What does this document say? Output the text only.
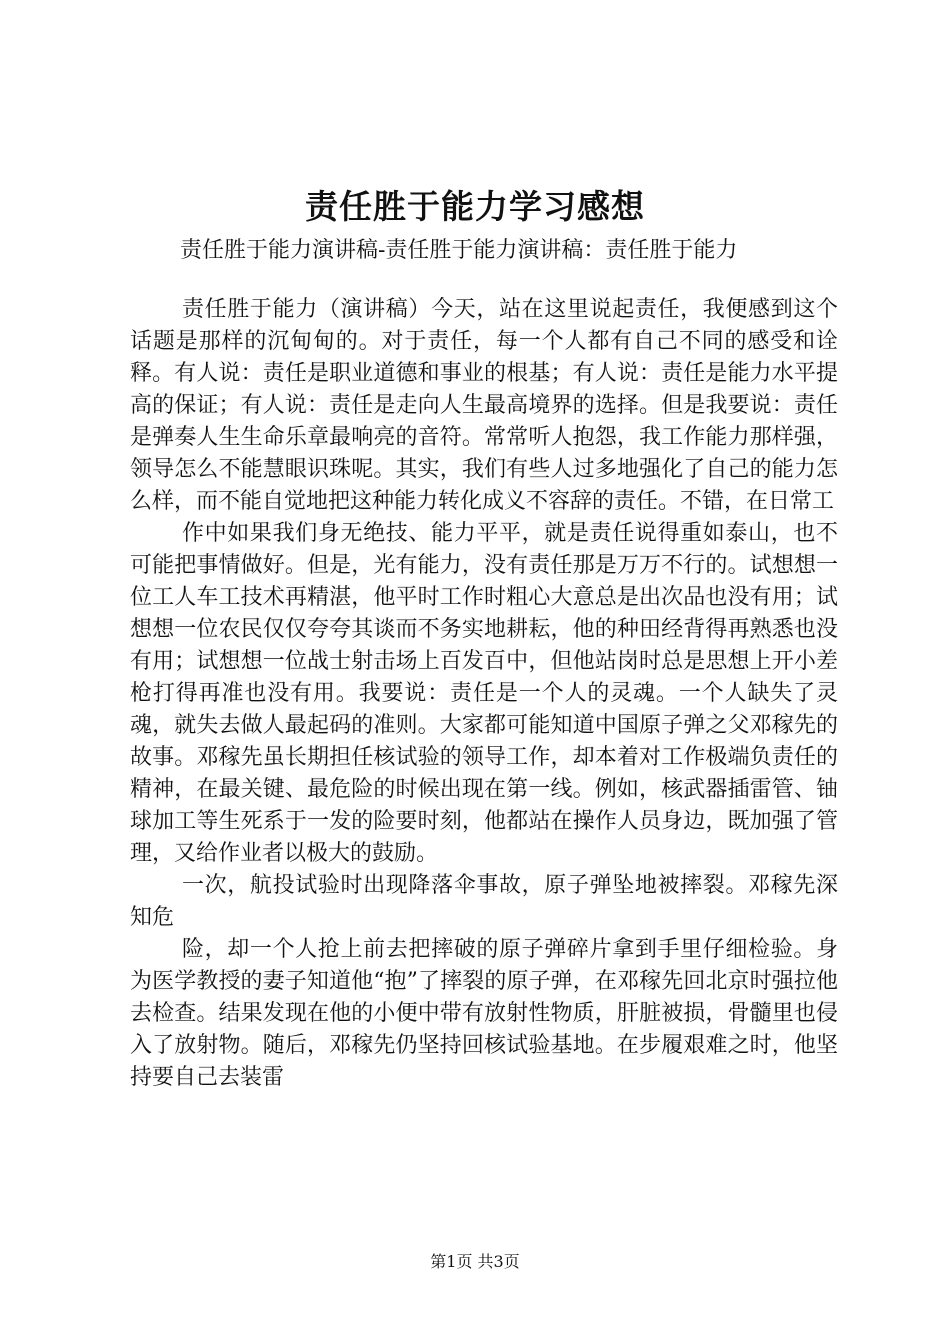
责任胜于能力学习感想

责任胜于能力演讲稿-责任胜于能力演讲稿：责任胜于能力

责任胜于能力（演讲稿）今天，站在这里说起责任，我便感到这个话题是那样的沉甸甸的。对于责任，每一个人都有自己不同的感受和诠释。有人说：责任是职业道德和事业的根基；有人说：责任是能力水平提高的保证；有人说：责任是走向人生最高境界的选择。但是我要说：责任是弹奏人生生命乐章最响亮的音符。常常听人抱怨，我工作能力那样强，领导怎么不能慧眼识珠呢。其实，我们有些人过多地强化了自己的能力怎么样，而不能自觉地把这种能力转化成义不容辞的责任。不错，在日常工

作中如果我们身无绝技、能力平平，就是责任说得重如泰山，也不可能把事情做好。但是，光有能力，没有责任那是万万不行的。试想想一位工人车工技术再精湛，他平时工作时粗心大意总是出次品也没有用；试想想一位农民仅仅夸夸其谈而不务实地耕耘，他的种田经背得再熟悉也没有用；试想想一位战士射击场上百发百中，但他站岗时总是思想上开小差枪打得再准也没有用。我要说：责任是一个人的灵魂。一个人缺失了灵魂，就失去做人最起码的准则。大家都可能知道中国原子弹之父邓稼先的故事。邓稼先虽长期担任核试验的领导工作，却本着对工作极端负责任的精神，在最关键、最危险的时候出现在第一线。例如，核武器插雷管、铀球加工等生死系于一发的险要时刻，他都站在操作人员身边，既加强了管理，又给作业者以极大的鼓励。

一次，航投试验时出现降落伞事故，原子弹坠地被摔裂。邓稼先深知危

险，却一个人抢上前去把摔破的原子弹碎片拿到手里仔细检验。身为医学教授的妻子知道他“抱”了摔裂的原子弹，在邓稼先回北京时强拉他去检查。结果发现在他的小便中带有放射性物质，肝脏被损，骨髓里也侵入了放射物。随后，邓稼先仍坚持回核试验基地。在步履艰难之时，他坚持要自己去装雷

第1页 共3页
